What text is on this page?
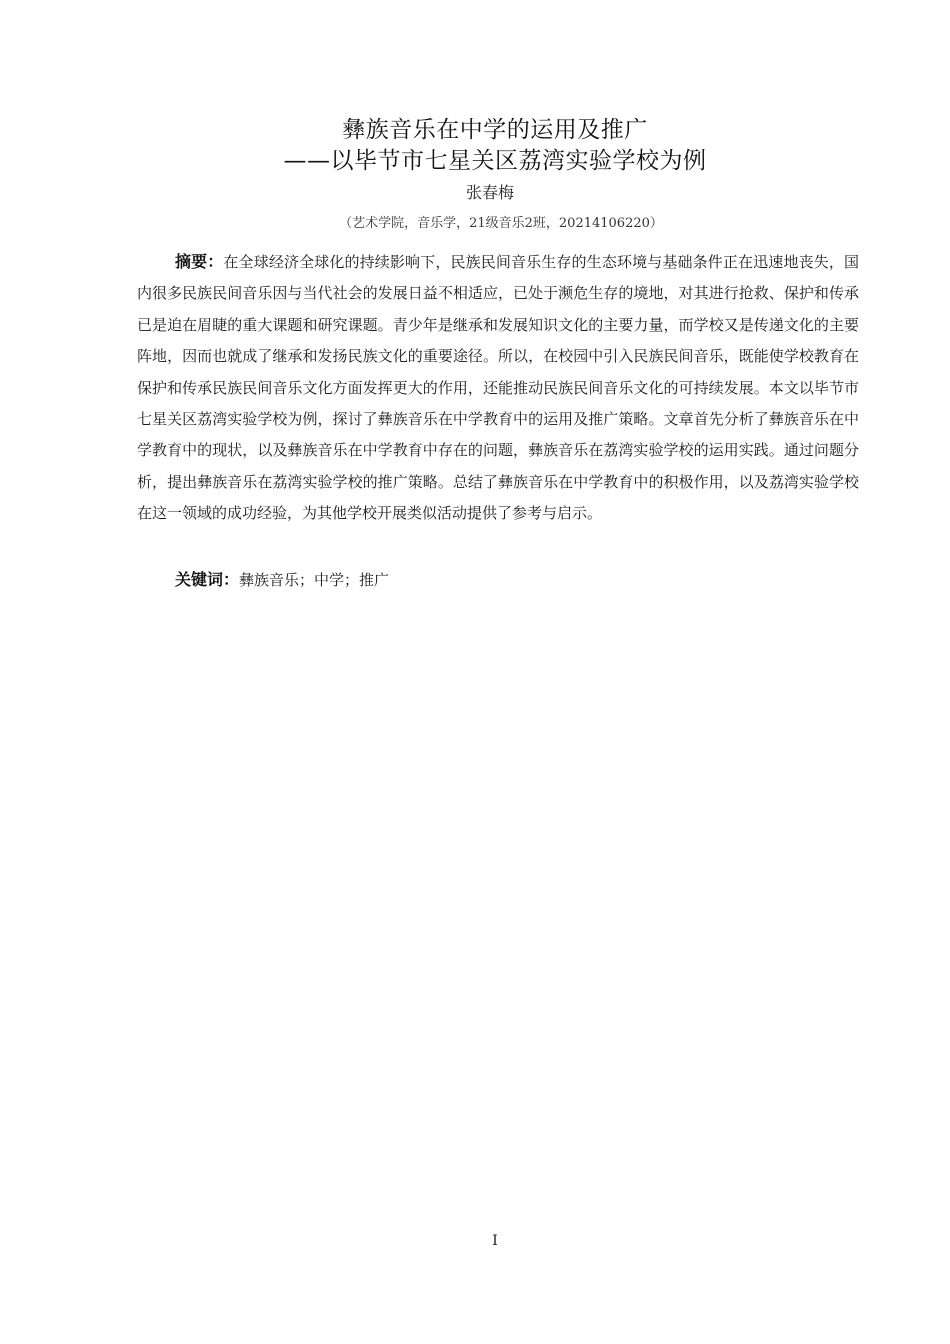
彝族音乐在中学的运用及推广
——以毕节市七星关区荔湾实验学校为例
张春梅
（艺术学院，音乐学，21级音乐2班，20214106220）
摘要：在全球经济全球化的持续影响下，民族民间音乐生存的生态环境与基础条件正在迅速地丧失，国内很多民族民间音乐因与当代社会的发展日益不相适应，已处于濒危生存的境地，对其进行抢救、保护和传承已是迫在眉睫的重大课题和研究课题。青少年是继承和发展知识文化的主要力量，而学校又是传递文化的主要阵地，因而也就成了继承和发扬民族文化的重要途径。所以，在校园中引入民族民间音乐，既能使学校教育在保护和传承民族民间音乐文化方面发挥更大的作用，还能推动民族民间音乐文化的可持续发展。本文以毕节市七星关区荔湾实验学校为例，探讨了彝族音乐在中学教育中的运用及推广策略。文章首先分析了彝族音乐在中学教育中的现状，以及彝族音乐在中学教育中存在的问题，彝族音乐在荔湾实验学校的运用实践。通过问题分析，提出彝族音乐在荔湾实验学校的推广策略。总结了彝族音乐在中学教育中的积极作用，以及荔湾实验学校在这一领域的成功经验，为其他学校开展类似活动提供了参考与启示。
关键词：彝族音乐；中学；推广
I
